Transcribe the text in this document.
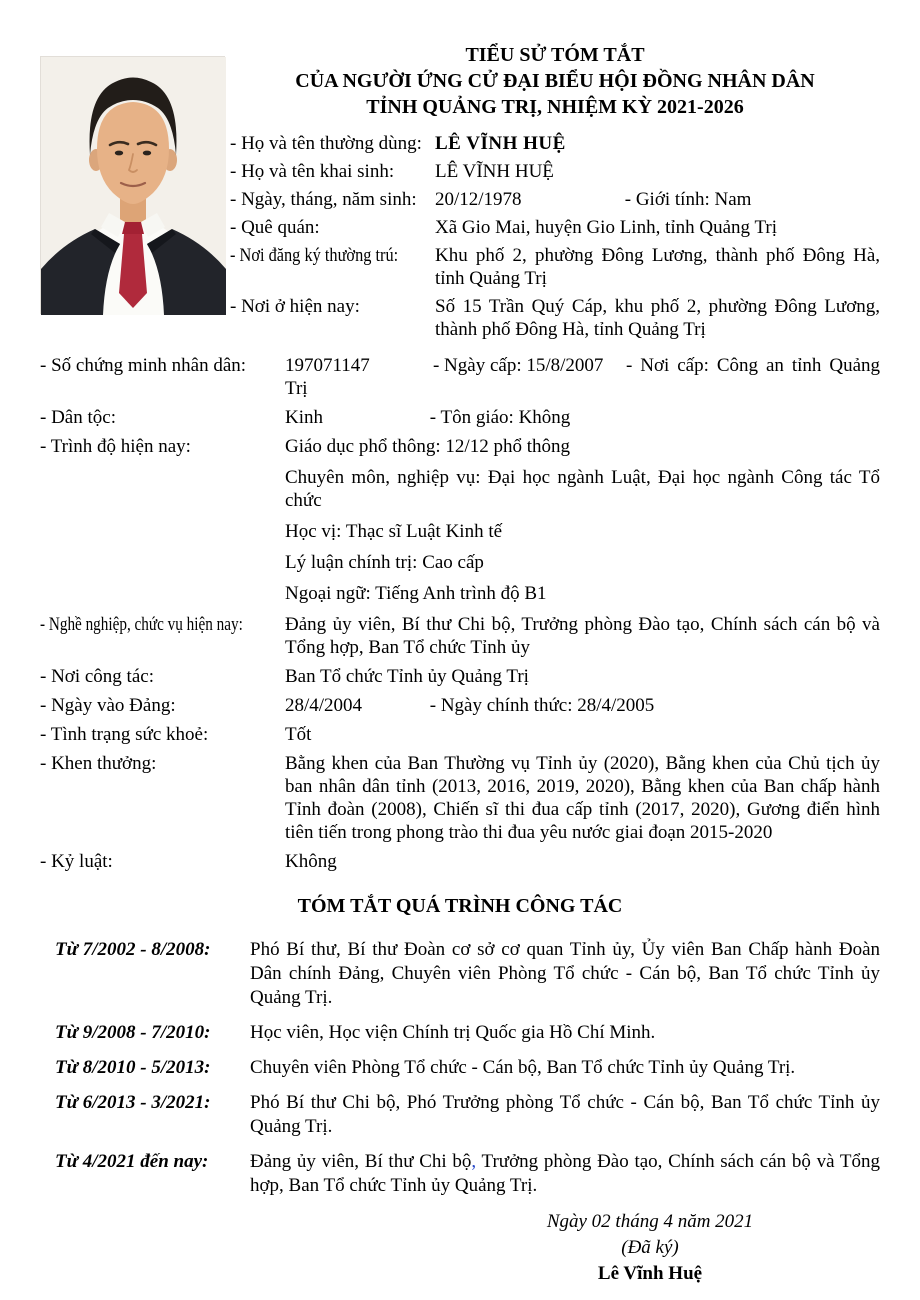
TIỂU SỬ TÓM TẮT
CỦA NGƯỜI ỨNG CỬ ĐẠI BIỂU HỘI ĐỒNG NHÂN DÂN
TỈNH QUẢNG TRỊ, NHIỆM KỲ 2021-2026
- Họ và tên thường dùng: LÊ VĨNH HUỆ
- Họ và tên khai sinh:	LÊ VĨNH HUỆ
- Ngày, tháng, năm sinh: 20/12/1978	- Giới tính: Nam
- Quê quán:	Xã Gio Mai, huyện Gio Linh, tỉnh Quảng Trị
- Nơi đăng ký thường trú:	Khu phố 2, phường Đông Lương, thành phố Đông Hà, tỉnh Quảng Trị
- Nơi ở hiện nay:	Số 15 Trần Quý Cáp, khu phố 2, phường Đông Lương, thành phố Đông Hà, tỉnh Quảng Trị
- Số chứng minh nhân dân:	197071147	- Ngày cấp: 15/8/2007 - Nơi cấp: Công an tỉnh Quảng Trị
- Dân tộc:	Kinh	- Tôn giáo: Không
- Trình độ hiện nay:	Giáo dục phổ thông: 12/12 phổ thông
Chuyên môn, nghiệp vụ: Đại học ngành Luật, Đại học ngành Công tác Tổ chức
Học vị: Thạc sĩ Luật Kinh tế
Lý luận chính trị: Cao cấp
Ngoại ngữ: Tiếng Anh trình độ B1
- Nghề nghiệp, chức vụ hiện nay:	Đảng ủy viên, Bí thư Chi bộ, Trưởng phòng Đào tạo, Chính sách cán bộ và Tổng hợp, Ban Tổ chức Tỉnh ủy
- Nơi công tác:	Ban Tổ chức Tỉnh ủy Quảng Trị
- Ngày vào Đảng:	28/4/2004	- Ngày chính thức: 28/4/2005
- Tình trạng sức khoẻ:	Tốt
- Khen thưởng:	Bằng khen của Ban Thường vụ Tỉnh ủy (2020), Bằng khen của Chủ tịch ủy ban nhân dân tỉnh (2013, 2016, 2019, 2020), Bằng khen của Ban chấp hành Tỉnh đoàn (2008), Chiến sĩ thi đua cấp tỉnh (2017, 2020), Gương điển hình tiên tiến trong phong trào thi đua yêu nước giai đoạn 2015-2020
- Kỷ luật:	Không
TÓM TẮT QUÁ TRÌNH CÔNG TÁC
Từ 7/2002 - 8/2008:	Phó Bí thư, Bí thư Đoàn cơ sở cơ quan Tỉnh ủy, Ủy viên Ban Chấp hành Đoàn Dân chính Đảng, Chuyên viên Phòng Tổ chức - Cán bộ, Ban Tổ chức Tỉnh ủy Quảng Trị.
Từ 9/2008 - 7/2010:	Học viên, Học viện Chính trị Quốc gia Hồ Chí Minh.
Từ 8/2010 - 5/2013:	Chuyên viên Phòng Tổ chức - Cán bộ, Ban Tổ chức Tỉnh ủy Quảng Trị.
Từ 6/2013 - 3/2021:	Phó Bí thư Chi bộ, Phó Trưởng phòng Tổ chức - Cán bộ, Ban Tổ chức Tỉnh ủy Quảng Trị.
Từ 4/2021 đến nay:	Đảng ủy viên, Bí thư Chi bộ, Trưởng phòng Đào tạo, Chính sách cán bộ và Tổng hợp, Ban Tổ chức Tỉnh ủy Quảng Trị.
Ngày 02 tháng 4 năm 2021
(Đã ký)
Lê Vĩnh Huệ
